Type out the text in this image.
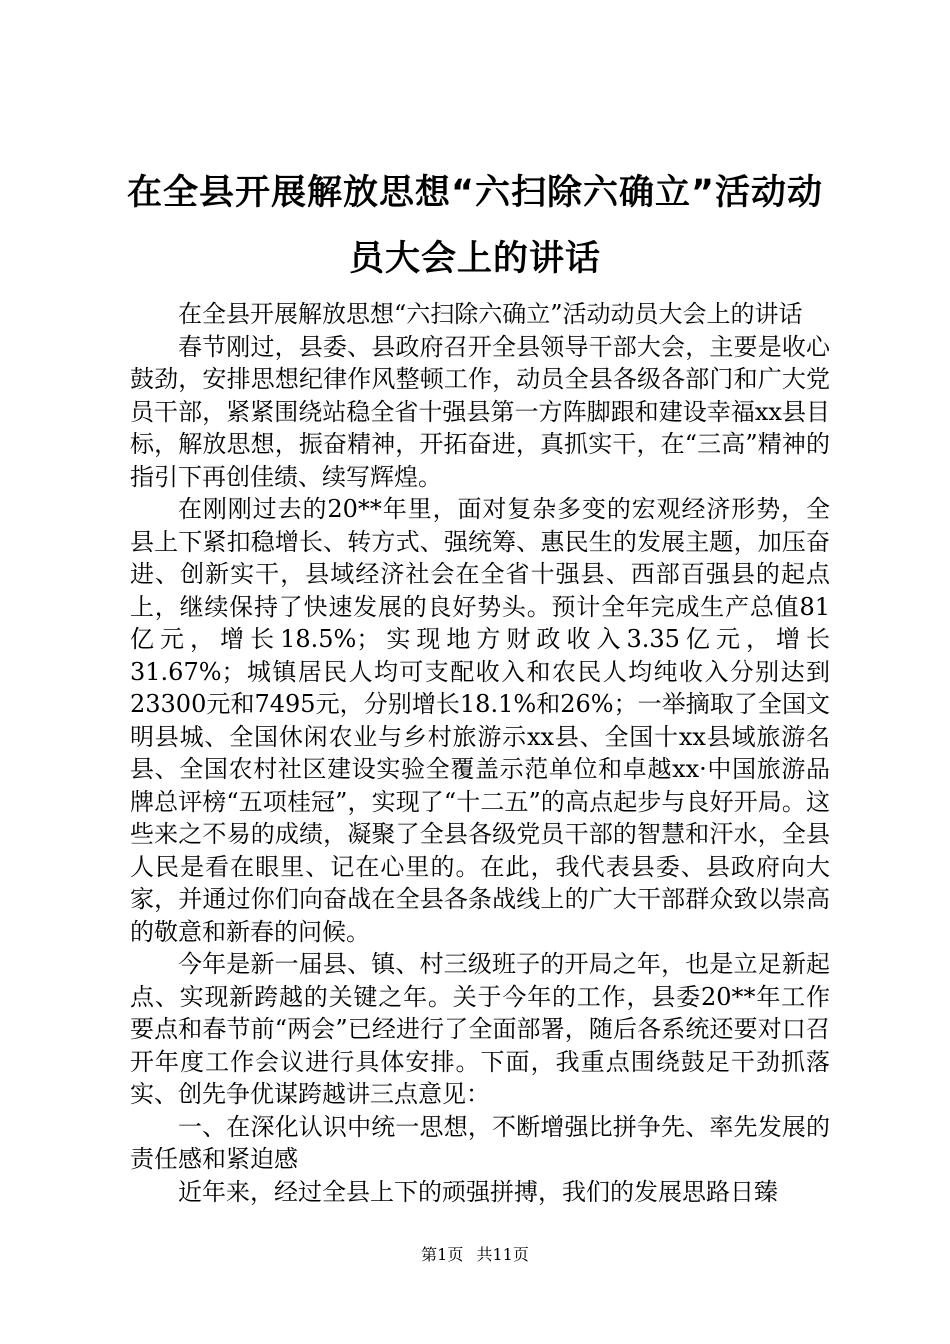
在全县开展解放思想“六扫除六确立”活动动员大会上的讲话

在全县开展解放思想“六扫除六确立”活动动员大会上的讲话

春节刚过，县委、县政府召开全县领导干部大会，主要是收心鼓劲，安排思想纪律作风整顿工作，动员全县各级各部门和广大党员干部，紧紧围绕站稳全省十强县第一方阵脚跟和建设幸福xx县目标，解放思想，振奋精神，开拓奋进，真抓实干，在“三高”精神的指引下再创佳绩、续写辉煌。

在刚刚过去的20**年里，面对复杂多变的宏观经济形势，全县上下紧扣稳增长、转方式、强统筹、惠民生的发展主题，加压奋进、创新实干，县域经济社会在全省十强县、西部百强县的起点上，继续保持了快速发展的良好势头。预计全年完成生产总值81亿元，增长18.5%；实现地方财政收入3.35亿元，增长31.67%；城镇居民人均可支配收入和农民人均纯收入分别达到23300元和7495元，分别增长18.1%和26%；一举摘取了全国文明县城、全国休闲农业与乡村旅游示xx县、全国十xx县域旅游名县、全国农村社区建设实验全覆盖示范单位和卓越xx·中国旅游品牌总评榜“五项桂冠”，实现了“十二五”的高点起步与良好开局。这些来之不易的成绩，凝聚了全县各级党员干部的智慧和汗水，全县人民是看在眼里、记在心里的。在此，我代表县委、县政府向大家，并通过你们向奋战在全县各条战线上的广大干部群众致以崇高的敬意和新春的问候。

今年是新一届县、镇、村三级班子的开局之年，也是立足新起点、实现新跨越的关键之年。关于今年的工作，县委20**年工作要点和春节前“两会”已经进行了全面部署，随后各系统还要对口召开年度工作会议进行具体安排。下面，我重点围绕鼓足干劲抓落实、创先争优谋跨越讲三点意见：

一、在深化认识中统一思想，不断增强比拼争先、率先发展的责任感和紧迫感

近年来，经过全县上下的顽强拼搏，我们的发展思路日臻

第1页 共11页
